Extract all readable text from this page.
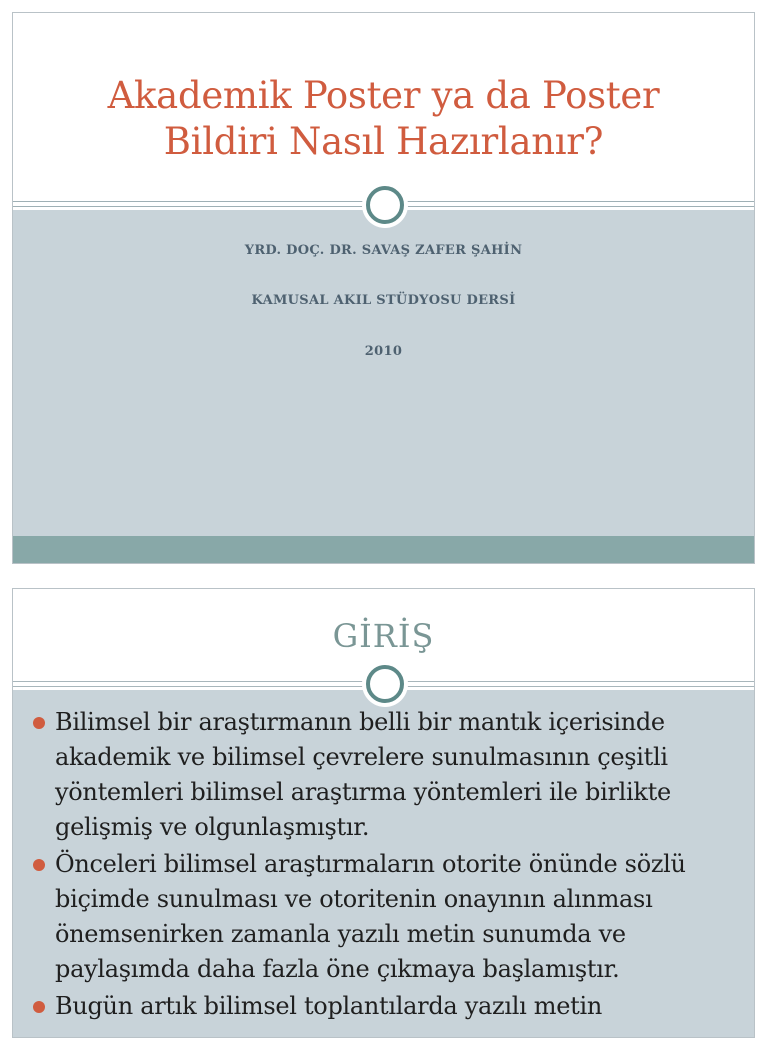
Akademik Poster ya da Poster
Bildiri Nasıl Hazırlanır?
YRD. DOÇ. DR. SAVAŞ ZAFER ŞAHİN
KAMUSAL AKIL STÜDYOSU DERSİ
2010
GİRİŞ
Bilimsel bir araştırmanın belli bir mantık içerisinde akademik ve bilimsel çevrelere sunulmasının çeşitli yöntemleri bilimsel araştırma yöntemleri ile birlikte gelişmiş ve olgunlaşmıştır.
Önceleri bilimsel araştırmaların otorite önünde sözlü biçimde sunulması ve otoritenin onayının alınması önemsenirken zamanla yazılı metin sunumda ve paylaşımda daha fazla öne çıkmaya başlamıştır.
Bugün artık bilimsel toplantılarda yazılı metin
